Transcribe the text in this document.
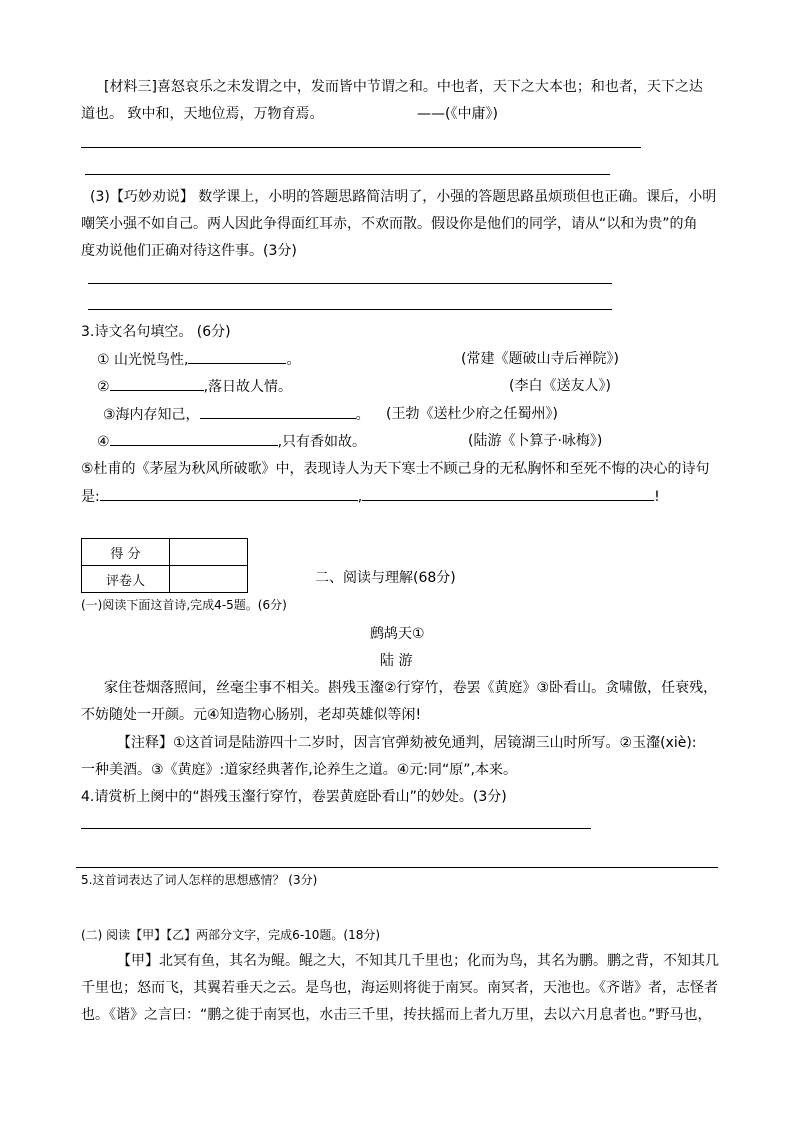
[材料三]喜怒哀乐之未发谓之中，发而皆中节谓之和。中也者，天下之大本也；和也者，天下之达
道也。 致中和，天地位焉，万物育焉。	——(《中庸》)
(3)【巧妙劝说】 数学课上，小明的答题思路简洁明了，小强的答题思路虽烦琐但也正确。课后，小明
嘲笑小强不如自己。两人因此争得面红耳赤，不欢而散。假设你是他们的同学，请从“以和为贵”的角
度劝说他们正确对待这件事。(3分)
3.诗文名句填空。 (6分)
① 山光悦鸟性,	。	(常建《题破山寺后禅院》)
②	,落日故人情。	(李白《送友人》)
③海内存知己，	。 (王勃《送杜少府之任蜀州》)
④	,只有香如故。	(陆游《卜算子·咏梅》)
⑤杜甫的《茅屋为秋风所破歌》中，表现诗人为天下寒士不顾己身的无私胸怀和至死不悔的决心的诗句
是:	,	!
得 分	
评卷人		二、阅读与理解(68分)
(一)阅读下面这首诗,完成4-5题。(6分)
鹧鸪天①
陆 游
家住苍烟落照间，丝毫尘事不相关。斟残玉瀣②行穿竹，卷罢《黄庭》③卧看山。贪啸傲，任衰残，
不妨随处一开颜。元④知造物心肠别，老却英雄似等闲!
【注释】①这首词是陆游四十二岁时，因言官弹劾被免通判，居镜湖三山时所写。②玉瀣(xiè):
一种美酒。③《黄庭》:道家经典著作,论养生之道。④元:同“原”,本来。
4.请赏析上阕中的“斟残玉瀣行穿竹，卷罢黄庭卧看山”的妙处。(3分)
5.这首词表达了词人怎样的思想感情？ (3分)
(二) 阅读【甲】【乙】两部分文字，完成6-10题。(18分)
【甲】北冥有鱼，其名为鲲。鲲之大，不知其几千里也；化而为鸟，其名为鹏。鹏之背，不知其几
千里也；怒而飞，其翼若垂天之云。是鸟也，海运则将徙于南冥。南冥者，天池也。《齐谐》者，志怪者
也。《谐》之言曰：“鹏之徙于南冥也，水击三千里，抟扶摇而上者九万里，去以六月息者也。”野马也，
